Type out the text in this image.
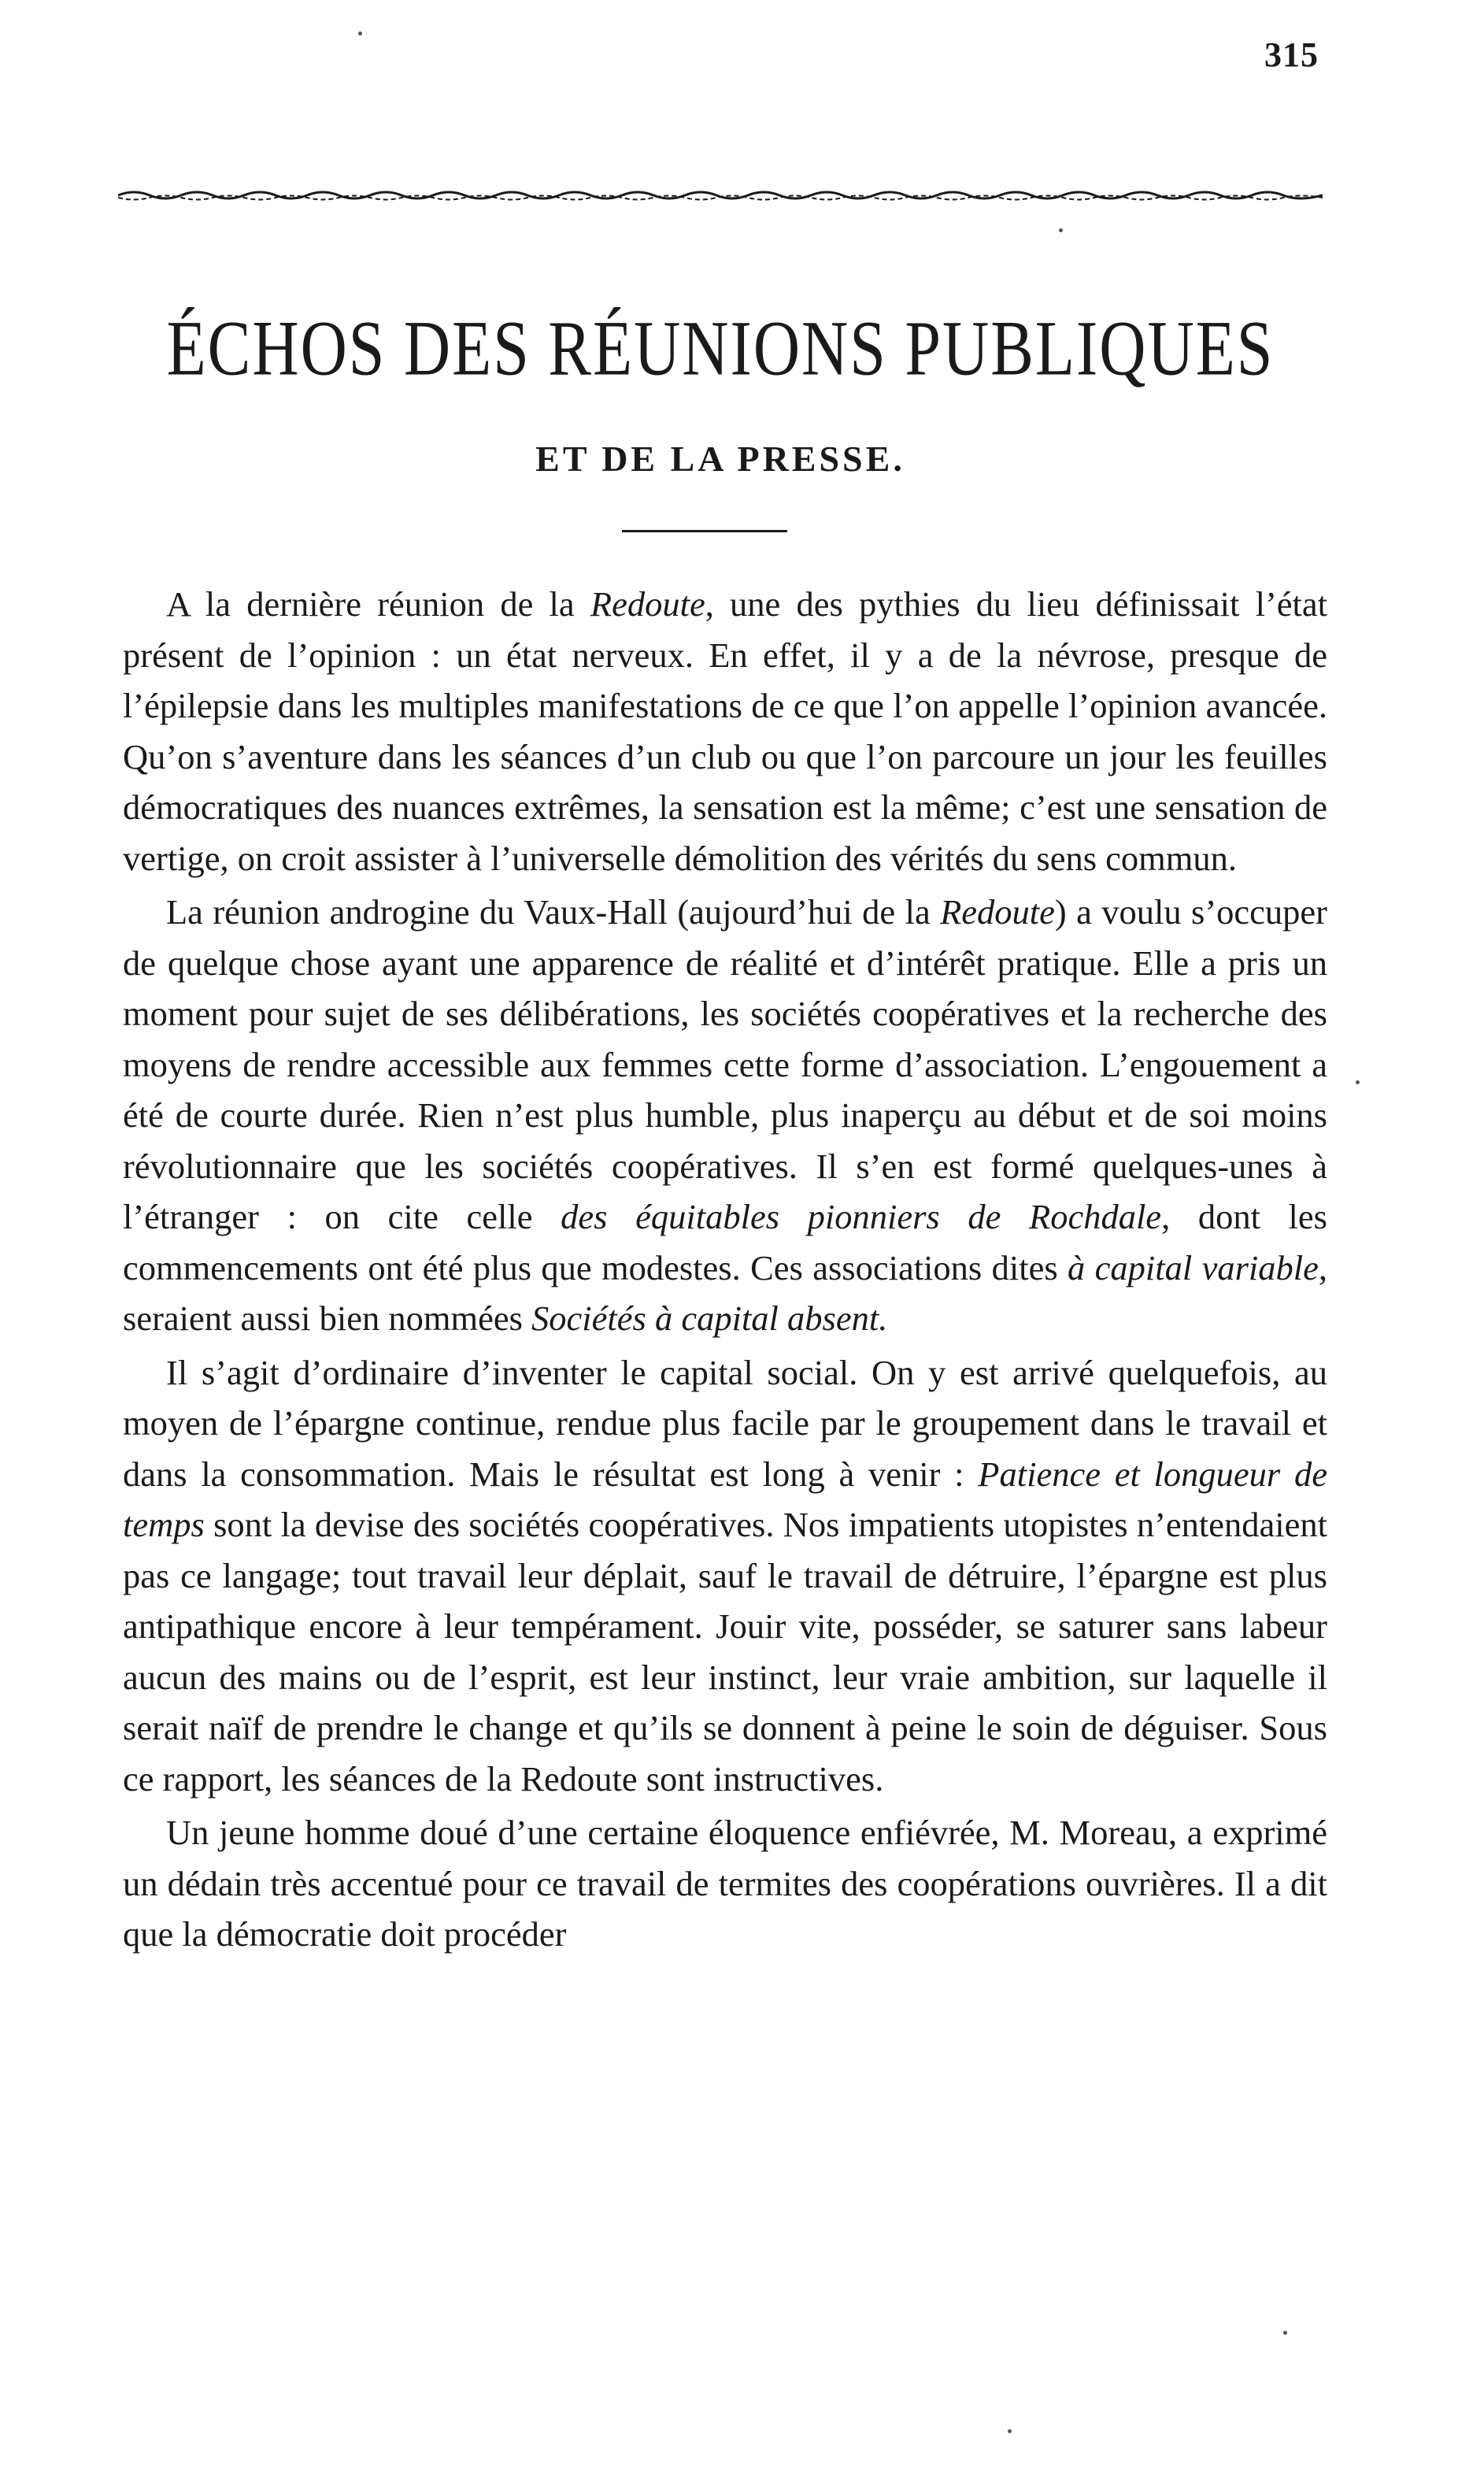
315
ÉCHOS DES RÉUNIONS PUBLIQUES
ET DE LA PRESSE.

A la dernière réunion de la Redoute, une des pythies du lieu définissait l’état présent de l’opinion : un état nerveux. En effet, il y a de la névrose, presque de l’épilepsie dans les multiples manifestations de ce que l’on appelle l’opinion avancée. Qu’on s’aventure dans les séances d’un club ou que l’on parcoure un jour les feuilles démocratiques des nuances extrêmes, la sensation est la même; c’est une sensation de vertige, on croit assister à l’universelle démolition des vérités du sens commun.

La réunion androgine du Vaux-Hall (aujourd’hui de la Redoute) a voulu s’occuper de quelque chose ayant une apparence de réalité et d’intérêt pratique. Elle a pris un moment pour sujet de ses délibérations, les sociétés coopératives et la recherche des moyens de rendre accessible aux femmes cette forme d’association. L’engouement a été de courte durée. Rien n’est plus humble, plus inaperçu au début et de soi moins révolutionnaire que les sociétés coopératives. Il s’en est formé quelques-unes à l’étranger : on cite celle des équitables pionniers de Rochdale, dont les commencements ont été plus que modestes. Ces associations dites à capital variable, seraient aussi bien nommées Sociétés à capital absent.

Il s’agit d’ordinaire d’inventer le capital social. On y est arrivé quelquefois, au moyen de l’épargne continue, rendue plus facile par le groupement dans le travail et dans la consommation. Mais le résultat est long à venir : Patience et longueur de temps sont la devise des sociétés coopératives. Nos impatients utopistes n’entendaient pas ce langage; tout travail leur déplait, sauf le travail de détruire, l’épargne est plus antipathique encore à leur tempérament. Jouir vite, posséder, se saturer sans labeur aucun des mains ou de l’esprit, est leur instinct, leur vraie ambition, sur laquelle il serait naïf de prendre le change et qu’ils se donnent à peine le soin de déguiser. Sous ce rapport, les séances de la Redoute sont instructives.

Un jeune homme doué d’une certaine éloquence enfiévrée, M. Moreau, a exprimé un dédain très accentué pour ce travail de termites des coopérations ouvrières. Il a dit que la démocratie doit procéder
